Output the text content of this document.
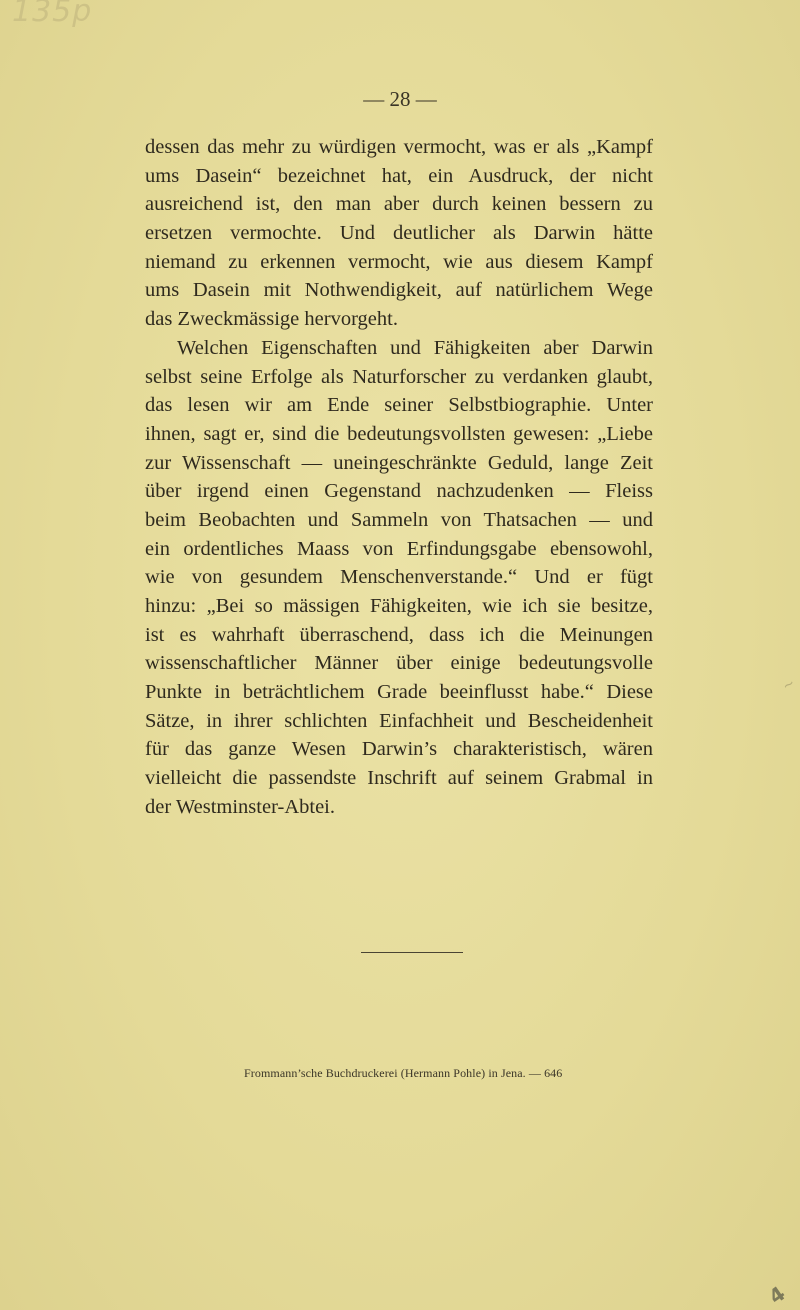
135p
— 28 —
dessen das mehr zu würdigen vermocht, was er als „Kampf
ums Dasein“ bezeichnet hat, ein Ausdruck, der nicht
ausreichend ist, den man aber durch keinen bessern zu
ersetzen vermochte. Und deutlicher als Darwin hätte
niemand zu erkennen vermocht, wie aus diesem Kampf
ums Dasein mit Nothwendigkeit, auf natürlichem Wege
das Zweckmässige hervorgeht.
Welchen Eigenschaften und Fähigkeiten aber Darwin
selbst seine Erfolge als Naturforscher zu verdanken glaubt,
das lesen wir am Ende seiner Selbstbiographie. Unter
ihnen, sagt er, sind die bedeutungsvollsten gewesen: „Liebe
zur Wissenschaft — uneingeschränkte Geduld, lange Zeit
über irgend einen Gegenstand nachzudenken — Fleiss
beim Beobachten und Sammeln von Thatsachen — und
ein ordentliches Maass von Erfindungsgabe ebensowohl,
wie von gesundem Menschenverstande.“ Und er fügt
hinzu: „Bei so mässigen Fähigkeiten, wie ich sie besitze,
ist es wahrhaft überraschend, dass ich die Meinungen
wissenschaftlicher Männer über einige bedeutungsvolle
Punkte in beträchtlichem Grade beeinflusst habe.“ Diese
Sätze, in ihrer schlichten Einfachheit und Bescheidenheit
für das ganze Wesen Darwin’s charakteristisch, wären
vielleicht die passendste Inschrift auf seinem Grabmal in
der Westminster-Abtei.
Frommann’sche Buchdruckerei (Hermann Pohle) in Jena. — 646
~
4
